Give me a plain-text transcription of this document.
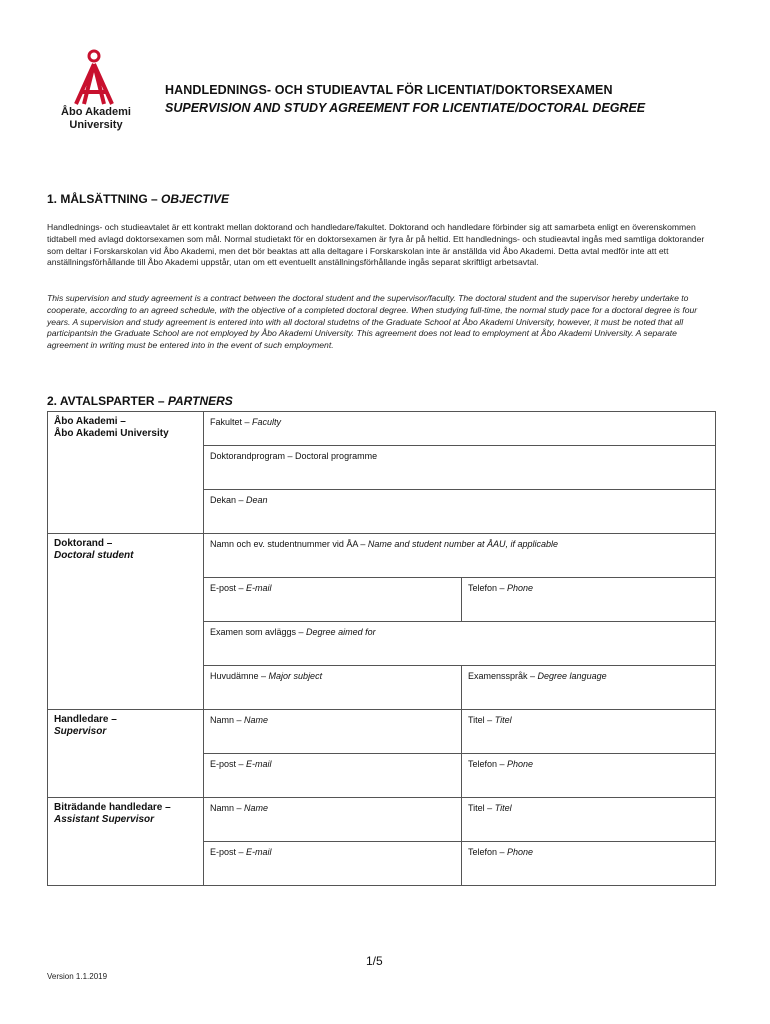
Åbo Akademi
University
HANDLEDNINGS- OCH STUDIEAVTAL FÖR LICENTIAT/DOKTORSEXAMEN
SUPERVISION AND STUDY AGREEMENT FOR LICENTIATE/DOCTORAL DEGREE
1. MÅLSÄTTNING – OBJECTIVE

Handlednings- och studieavtalet är ett kontrakt mellan doktorand och handledare/fakultet. Doktorand och handledare förbinder sig att samarbeta enligt en överenskommen tidtabell med avlagd doktorsexamen som mål. Normal studietakt för en doktorsexamen är fyra år på heltid. Ett handlednings- och studieavtal ingås med samtliga doktorander som deltar i Forskarskolan vid Åbo Akademi, men det bör beaktas att alla deltagare i Forskarskolan inte är anställda vid Åbo Akademi. Detta avtal medför inte att ett anställningsförhållande till Åbo Akademi uppstår, utan om ett eventuellt anställningsförhållande ingås separat skriftligt arbetsavtal.

This supervision and study agreement is a contract between the doctoral student and the supervisor/faculty. The doctoral student and the supervisor hereby undertake to cooperate, according to an agreed schedule, with the objective of a completed doctoral degree. When studying full-time, the normal study pace for a doctoral degree is four years. A supervision and study agreement is entered into with all doctoral studetns of the Graduate School at Åbo Akademi University, however, it must be noted that all participantsin the Graduate School are not employed by Åbo Akademi University. This agreement does not lead to employment at Åbo Akademi University. A separate agreement in writing must be entered into in the event of such employment.

2. AVTALSPARTER – PARTNERS
Åbo Akademi –
Åbo Akademi University	Fakultet – Faculty	
	Doktorandprogram – Doctoral programme	
	Dekan – Dean	

Doktorand –
Doctoral student	Namn och ev. studentnummer vid ÅA – Name and student number at ÅAU, if applicable	
	E-post – E-mail	Telefon – Phone
	Examen som avläggs – Degree aimed for	
	Huvudämne – Major subject	Examensspråk – Degree language

Handledare –
Supervisor	Namn – Name	Titel – Titel
	E-post – E-mail	Telefon – Phone

Biträdande handledare –
Assistant Supervisor	Namn – Name	Titel – Titel
	E-post – E-mail	Telefon – Phone
1/5
Version 1.1.2019
